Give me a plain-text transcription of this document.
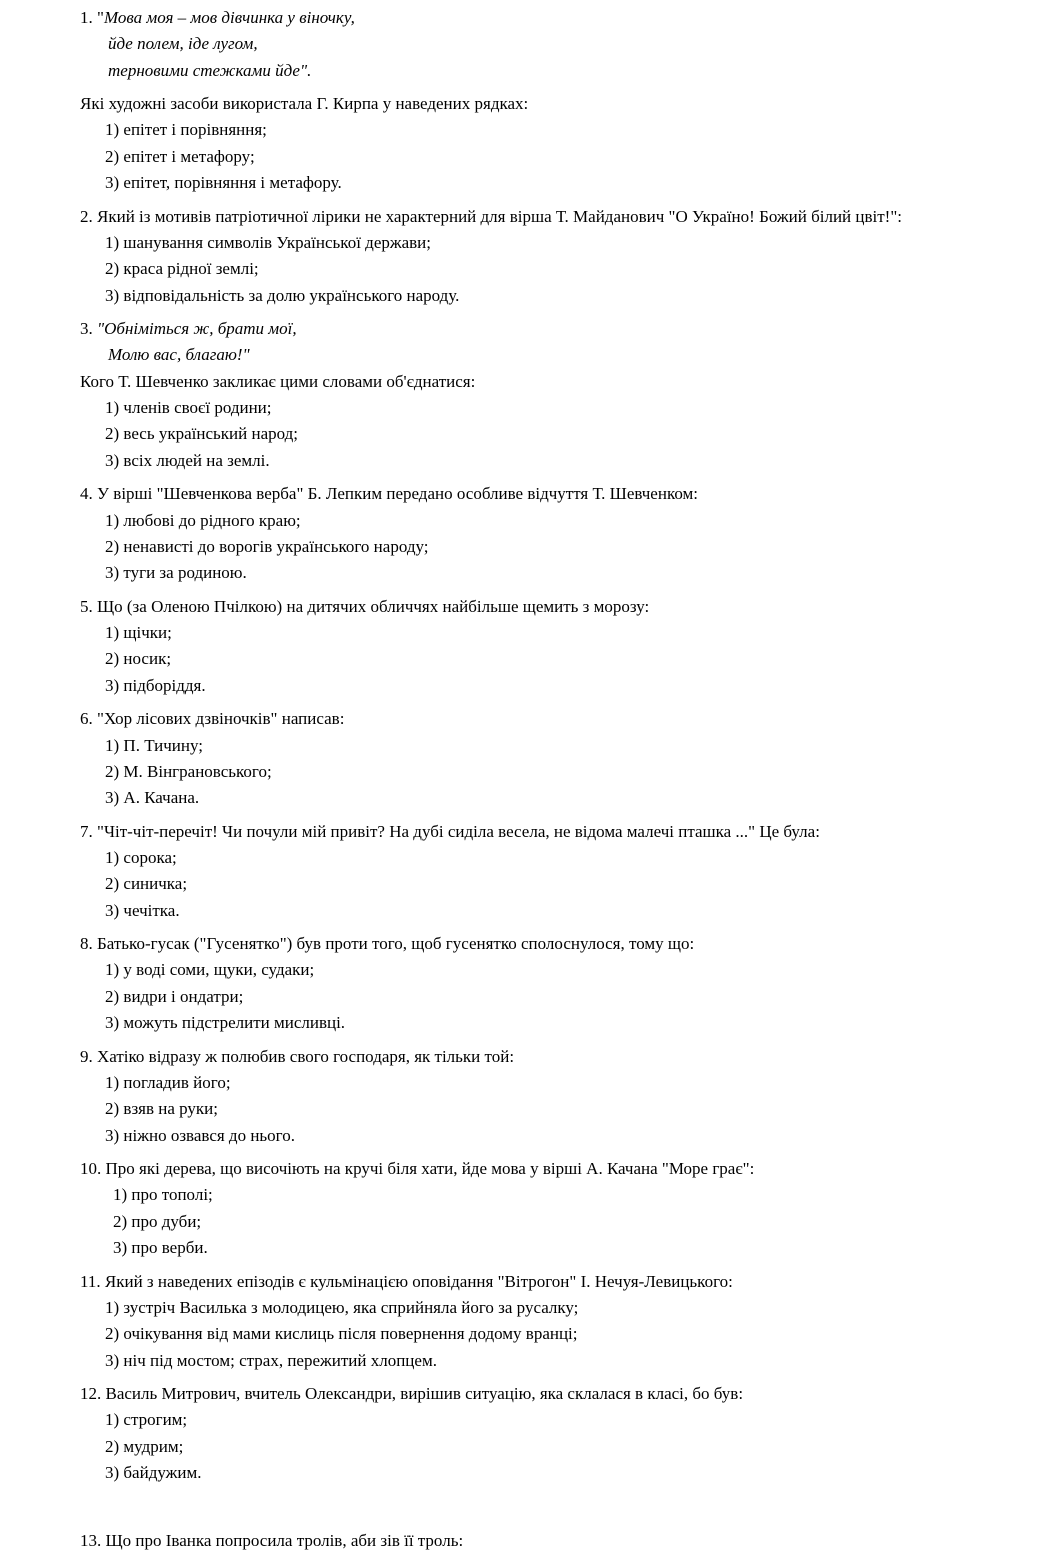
1. "Мова моя – мов дівчинка у віночку,
йде полем, іде лугом,
терновими стежками йде".
Які художні засоби використала Г. Кирпа у наведених рядках:
1) епітет і порівняння;
2) епітет і метафору;
3) епітет, порівняння і метафору.
2. Який із мотивів патріотичної лірики не характерний для вірша Т. Майданович "О Україно! Божий білий цвіт!":
1) шанування символів Української держави;
2) краса рідної землі;
3) відповідальність за долю українського народу.
3. "Обніміться ж, брати мої,
Молю вас, благаю!"
Кого Т. Шевченко закликає цими словами об'єднатися:
1) членів своєї родини;
2) весь український народ;
3) всіх людей на землі.
4. У вірші "Шевченкова верба" Б. Лепким передано особливе відчуття Т. Шевченком:
1) любові до рідного краю;
2) ненависті до ворогів українського народу;
3) туги за родиною.
5. Що (за Оленою Пчілкою) на дитячих обличчях найбільше щемить з морозу:
1) щічки;
2) носик;
3) підборіддя.
6. "Хор лісових дзвіночків" написав:
1) П. Тичину;
2) М. Вінграновського;
3) А. Качана.
7. "Чіт-чіт-перечіт! Чи почули мій привіт? На дубі сиділа весела, не відома малечі пташка ..." Це була:
1) сорока;
2) синичка;
3) чечітка.
8. Батько-гусак ("Гусенятко") був проти того, щоб гусенятко сполоснулося, тому що:
1) у воді соми, щуки, судаки;
2) видри і ондатри;
3) можуть підстрелити мисливці.
9. Хатіко відразу ж полюбив свого господаря, як тільки той:
1) погладив його;
2) взяв на руки;
3) ніжно озвався до нього.
10. Про які дерева, що височіють на кручі біля хати, йде мова у вірші А. Качана "Море грає":
1) про тополі;
2) про дуби;
3) про верби.
11. Який з наведених епізодів є кульмінацією оповідання "Вітрогон" І. Нечуя-Левицького:
1) зустріч Василька з молодицею, яка сприйняла його за русалку;
2) очікування від мами кислиць після повернення додому вранці;
3) ніч під мостом; страх, пережитий хлопцем.
12. Василь Митрович, вчитель Олександри, вирішив ситуацію, яка склалася в класі, бо був:
1) строгим;
2) мудрим;
3) байдужим.
13. Що про Іванка попросила тролів, аби зів її троль:
